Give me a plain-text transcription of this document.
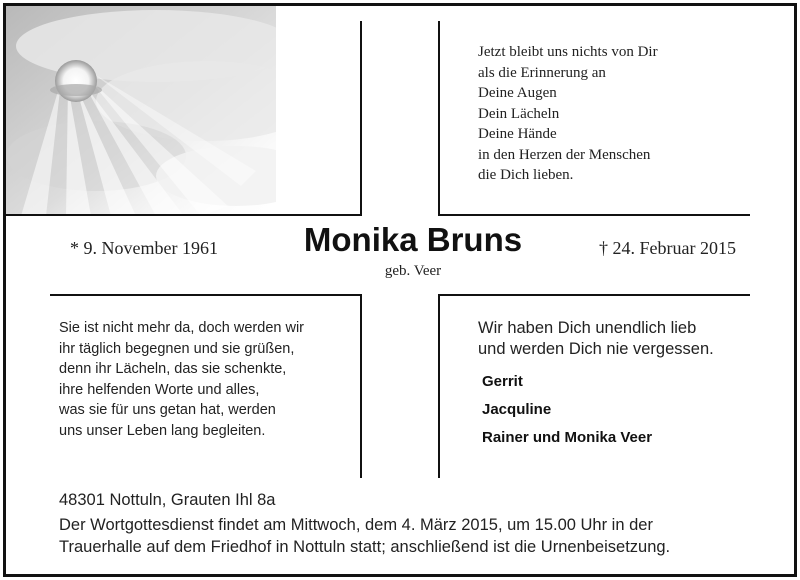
Jetzt bleibt uns nichts von Dir
als die Erinnerung an
Deine Augen
Dein Lächeln
Deine Hände
in den Herzen der Menschen
die Dich lieben.
* 9. November 1961	Monika Bruns
geb. Veer
† 24. Februar 2015
Sie ist nicht mehr da, doch werden wir
ihr täglich begegnen und sie grüßen,
denn ihr Lächeln, das sie schenkte,
ihre helfenden Worte und alles,
was sie für uns getan hat, werden
uns unser Leben lang begleiten.
Wir haben Dich unendlich lieb
und werden Dich nie vergessen.
Gerrit
Jacquline
Rainer und Monika Veer
48301 Nottuln, Grauten Ihl 8a
Der Wortgottesdienst findet am Mittwoch, dem 4. März 2015, um 15.00 Uhr in der
Trauerhalle auf dem Friedhof in Nottuln statt; anschließend ist die Urnenbeisetzung.
